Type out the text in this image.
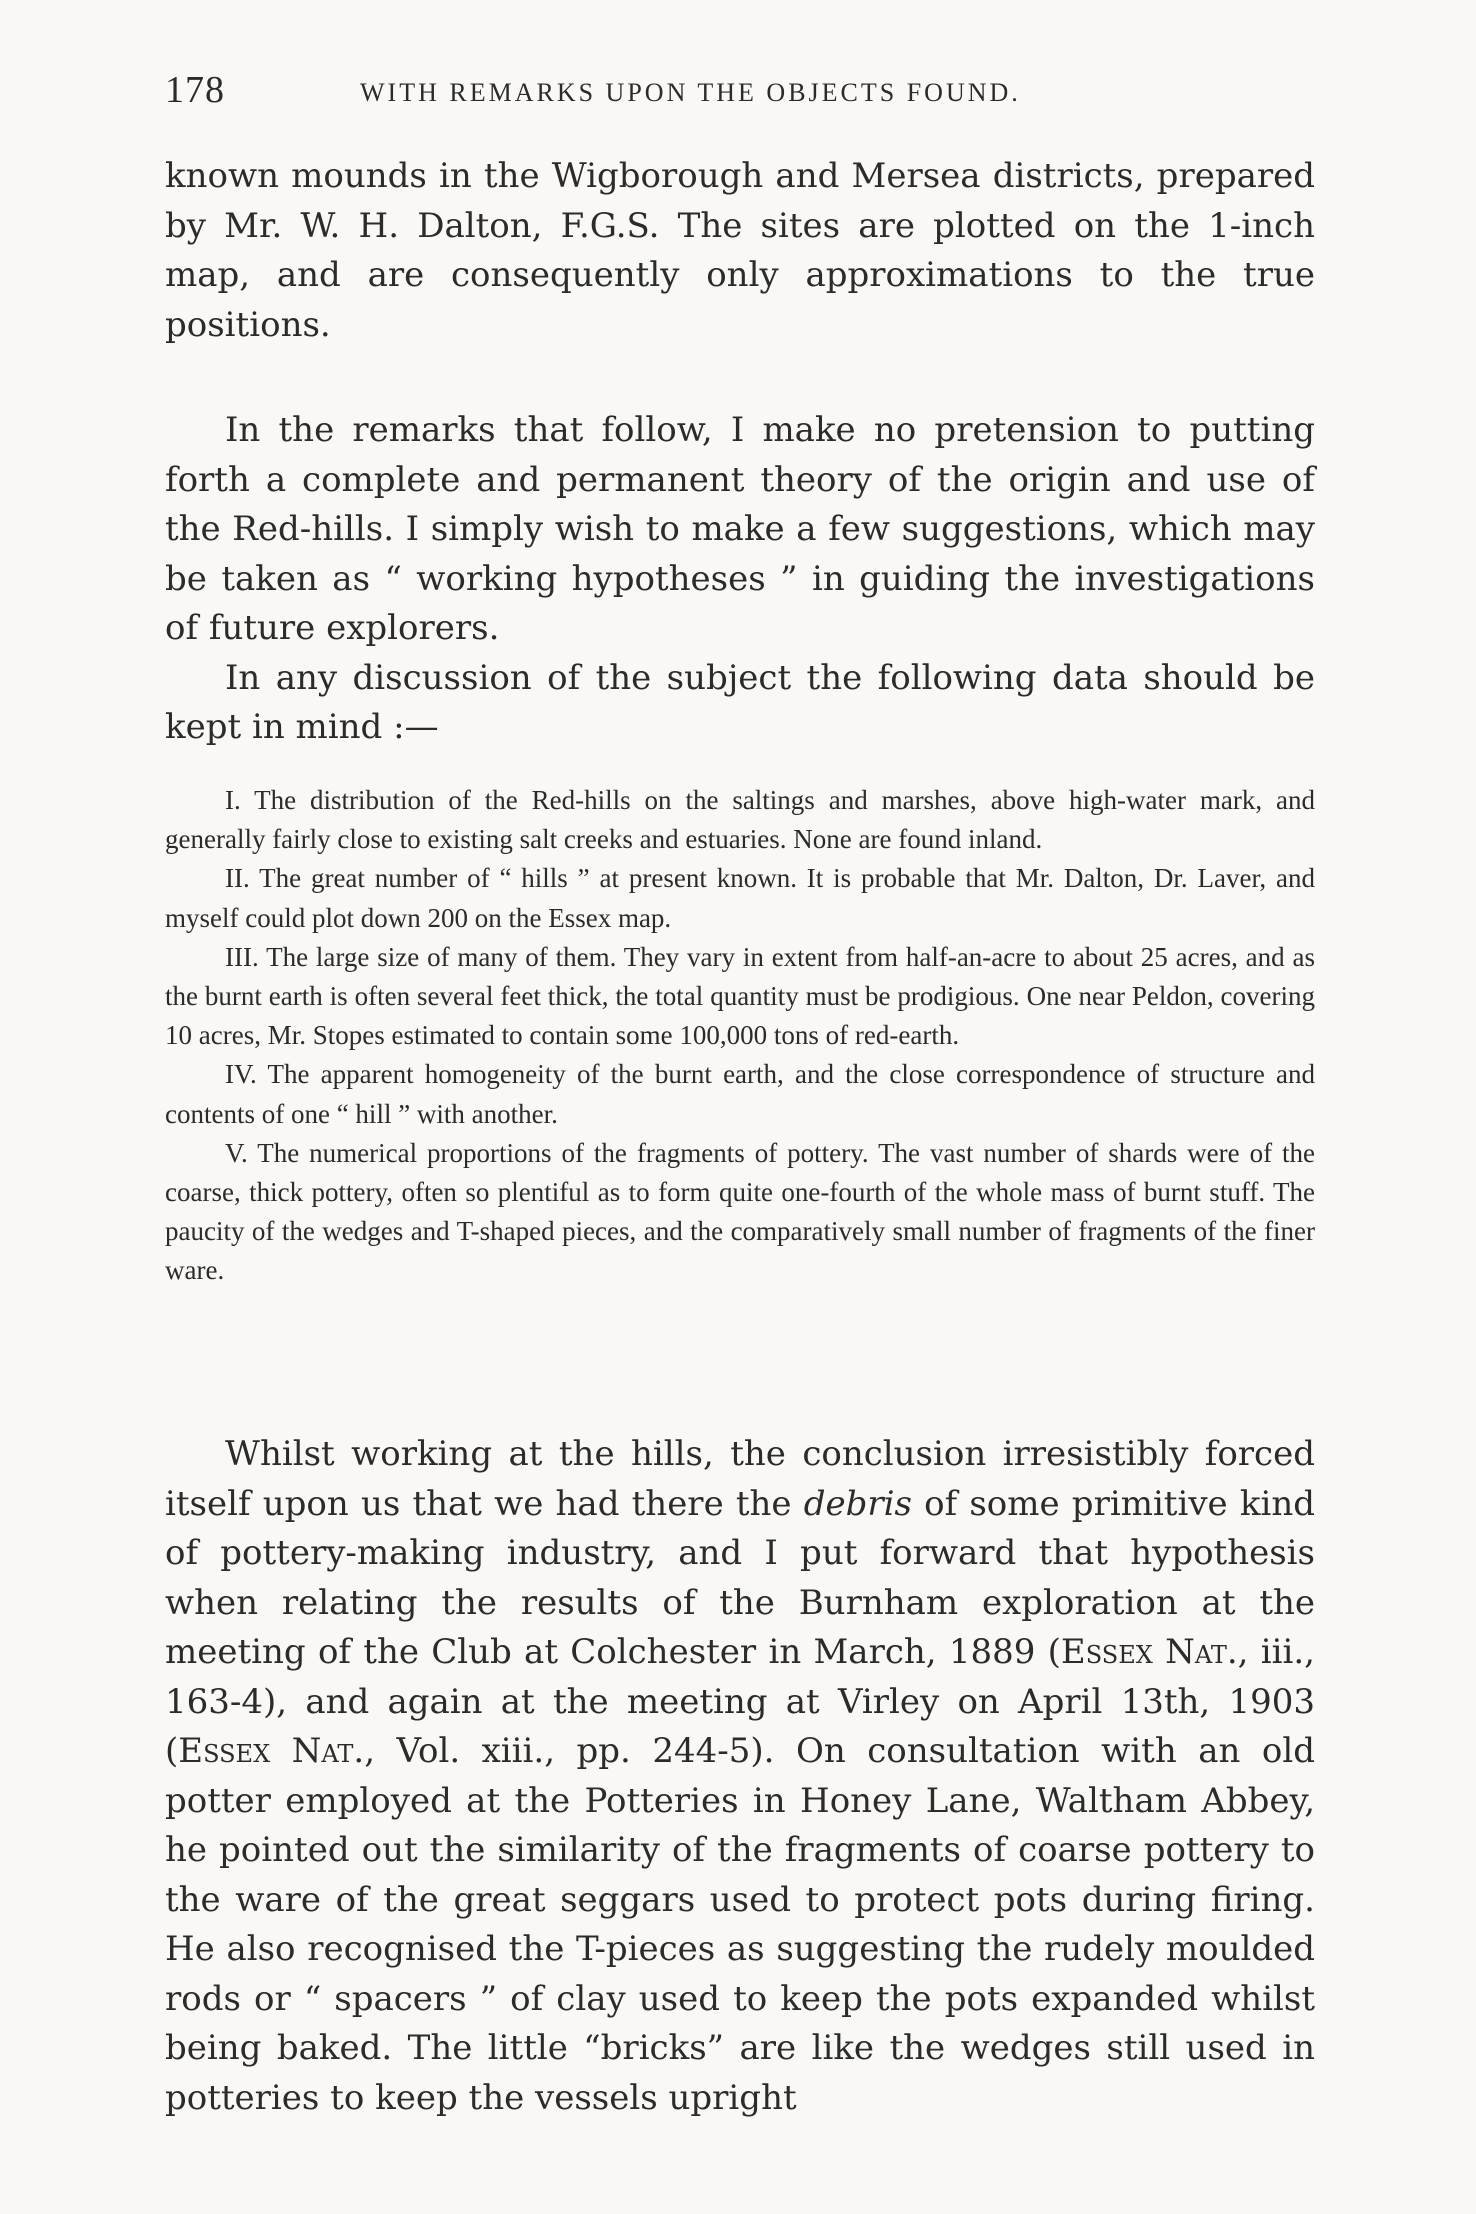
178	WITH REMARKS UPON THE OBJECTS FOUND.

known mounds in the Wigborough and Mersea districts, prepared by Mr. W. H. Dalton, F.G.S. The sites are plotted on the 1-inch map, and are consequently only approximations to the true positions.

In the remarks that follow, I make no pretension to putting forth a complete and permanent theory of the origin and use of the Red-hills. I simply wish to make a few suggestions, which may be taken as “ working hypotheses ” in guiding the investigations of future explorers.

In any discussion of the subject the following data should be kept in mind :—

I. The distribution of the Red-hills on the saltings and marshes, above high-water mark, and generally fairly close to existing salt creeks and estuaries. None are found inland.

II. The great number of “ hills ” at present known. It is probable that Mr. Dalton, Dr. Laver, and myself could plot down 200 on the Essex map.

III. The large size of many of them. They vary in extent from half-an-acre to about 25 acres, and as the burnt earth is often several feet thick, the total quantity must be prodigious. One near Peldon, covering 10 acres, Mr. Stopes estimated to contain some 100,000 tons of red-earth.

IV. The apparent homogeneity of the burnt earth, and the close correspondence of structure and contents of one “ hill ” with another.

V. The numerical proportions of the fragments of pottery. The vast number of shards were of the coarse, thick pottery, often so plentiful as to form quite one-fourth of the whole mass of burnt stuff. The paucity of the wedges and T-shaped pieces, and the comparatively small number of fragments of the finer ware.

Whilst working at the hills, the conclusion irresistibly forced itself upon us that we had there the debris of some primitive kind of pottery-making industry, and I put forward that hypothesis when relating the results of the Burnham exploration at the meeting of the Club at Colchester in March, 1889 (Essex Nat., iii., 163-4), and again at the meeting at Virley on April 13th, 1903 (Essex Nat., Vol. xiii., pp. 244-5). On consultation with an old potter employed at the Potteries in Honey Lane, Waltham Abbey, he pointed out the similarity of the fragments of coarse pottery to the ware of the great seggars used to protect pots during firing. He also recognised the T-pieces as suggesting the rudely moulded rods or “ spacers ” of clay used to keep the pots expanded whilst being baked. The little “bricks” are like the wedges still used in potteries to keep the vessels upright
